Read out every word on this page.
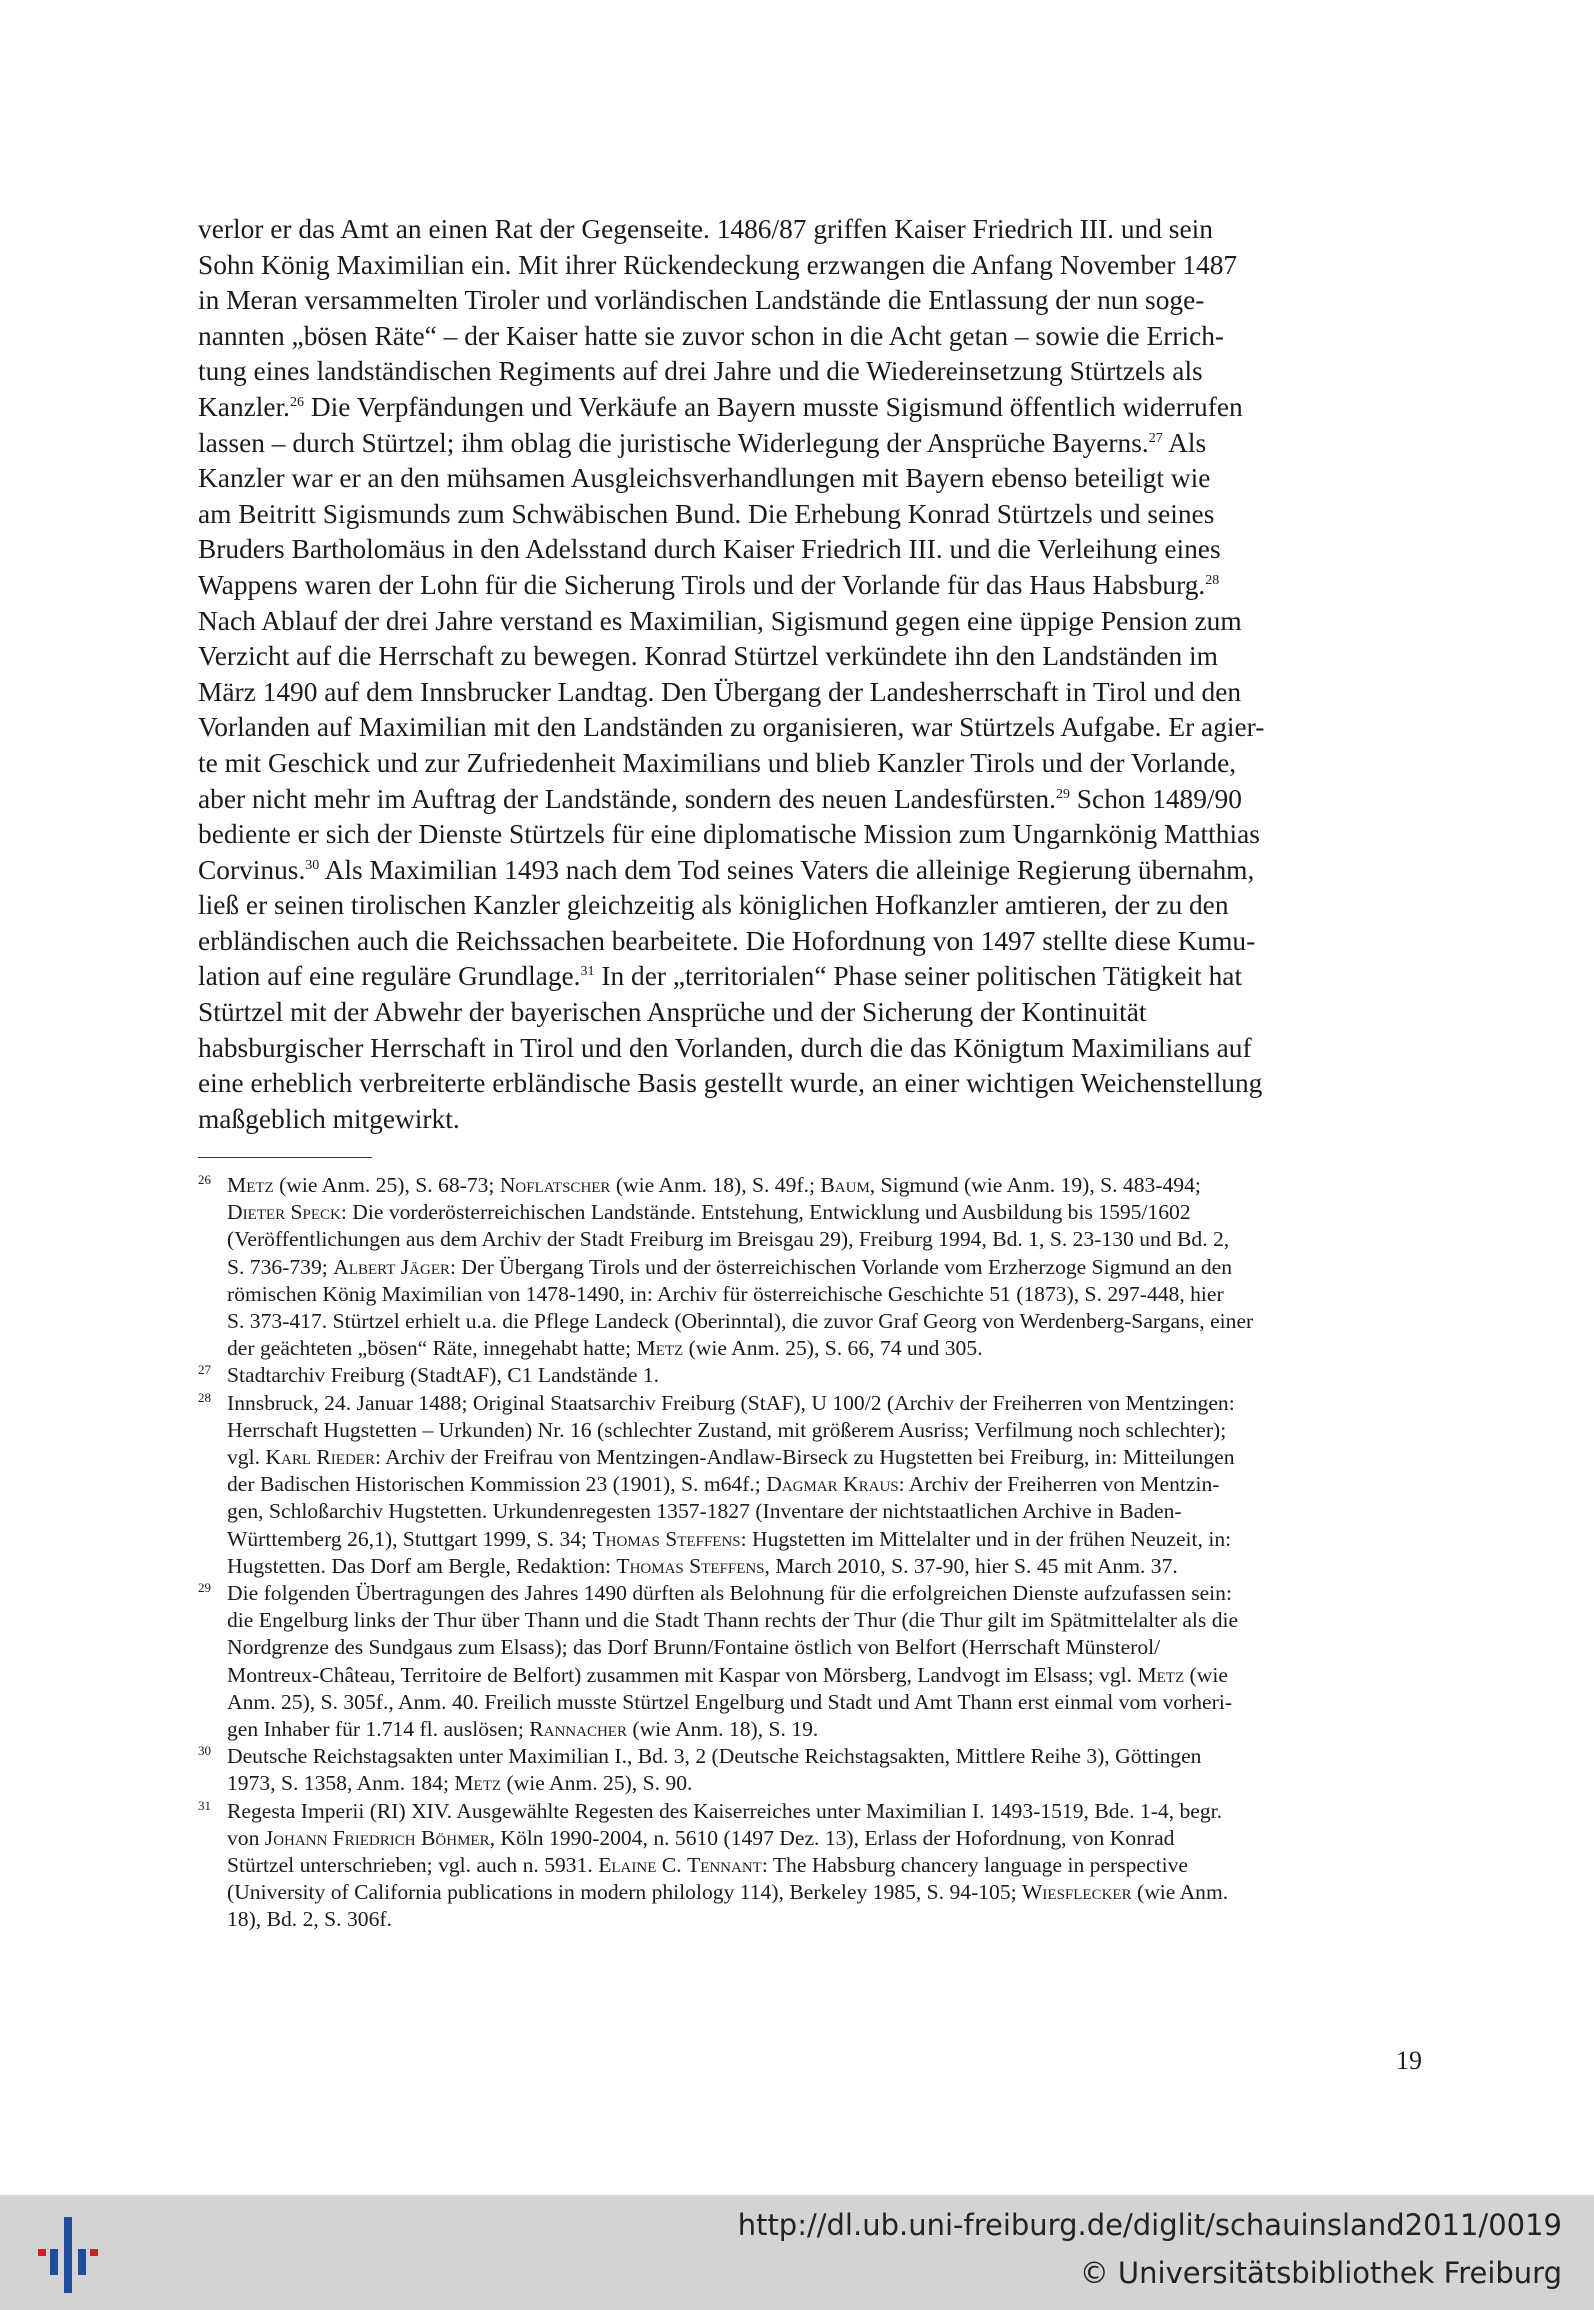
verlor er das Amt an einen Rat der Gegenseite. 1486/87 griffen Kaiser Friedrich III. und sein
Sohn König Maximilian ein. Mit ihrer Rückendeckung erzwangen die Anfang November 1487
in Meran versammelten Tiroler und vorländischen Landstände die Entlassung der nun soge-
nannten „bösen Räte“ – der Kaiser hatte sie zuvor schon in die Acht getan – sowie die Errich-
tung eines landständischen Regiments auf drei Jahre und die Wiedereinsetzung Stürtzels als
Kanzler.$^{26}$ Die Verpfändungen und Verkäufe an Bayern musste Sigismund öffentlich widerrufen
lassen – durch Stürtzel; ihm oblag die juristische Widerlegung der Ansprüche Bayerns.$^{27}$ Als
Kanzler war er an den mühsamen Ausgleichsverhandlungen mit Bayern ebenso beteiligt wie
am Beitritt Sigismunds zum Schwäbischen Bund. Die Erhebung Konrad Stürtzels und seines
Bruders Bartholomäus in den Adelsstand durch Kaiser Friedrich III. und die Verleihung eines
Wappens waren der Lohn für die Sicherung Tirols und der Vorlande für das Haus Habsburg.$^{28}$
Nach Ablauf der drei Jahre verstand es Maximilian, Sigismund gegen eine üppige Pension zum
Verzicht auf die Herrschaft zu bewegen. Konrad Stürtzel verkündete ihn den Landständen im
März 1490 auf dem Innsbrucker Landtag. Den Übergang der Landesherrschaft in Tirol und den
Vorlanden auf Maximilian mit den Landständen zu organisieren, war Stürtzels Aufgabe. Er agier-
te mit Geschick und zur Zufriedenheit Maximilians und blieb Kanzler Tirols und der Vorlande,
aber nicht mehr im Auftrag der Landstände, sondern des neuen Landesfürsten.$^{29}$ Schon 1489/90
bediente er sich der Dienste Stürtzels für eine diplomatische Mission zum Ungarnkönig Matthias
Corvinus.$^{30}$ Als Maximilian 1493 nach dem Tod seines Vaters die alleinige Regierung übernahm,
ließ er seinen tirolischen Kanzler gleichzeitig als königlichen Hofkanzler amtieren, der zu den
erbländischen auch die Reichssachen bearbeitete. Die Hofordnung von 1497 stellte diese Kumu-
lation auf eine reguläre Grundlage.$^{31}$ In der „territorialen“ Phase seiner politischen Tätigkeit hat
Stürtzel mit der Abwehr der bayerischen Ansprüche und der Sicherung der Kontinuität
habsburgischer Herrschaft in Tirol und den Vorlanden, durch die das Königtum Maximilians auf
eine erheblich verbreiterte erbländische Basis gestellt wurde, an einer wichtigen Weichenstellung
maßgeblich mitgewirkt.
26 Metz (wie Anm. 25), S. 68-73; Noflatscher (wie Anm. 18), S. 49f.; Baum, Sigmund (wie Anm. 19), S. 483-494;
Dieter Speck: Die vorderösterreichischen Landstände. Entstehung, Entwicklung und Ausbildung bis 1595/1602
(Veröffentlichungen aus dem Archiv der Stadt Freiburg im Breisgau 29), Freiburg 1994, Bd. 1, S. 23-130 und Bd. 2,
S. 736-739; Albert Jäger: Der Übergang Tirols und der österreichischen Vorlande vom Erzherzoge Sigmund an den
römischen König Maximilian von 1478-1490, in: Archiv für österreichische Geschichte 51 (1873), S. 297-448, hier
S. 373-417. Stürtzel erhielt u.a. die Pflege Landeck (Oberinntal), die zuvor Graf Georg von Werdenberg-Sargans, einer
der geächteten „bösen“ Räte, innegehabt hatte; Metz (wie Anm. 25), S. 66, 74 und 305.
27 Stadtarchiv Freiburg (StadtAF), C1 Landstände 1.
28 Innsbruck, 24. Januar 1488; Original Staatsarchiv Freiburg (StAF), U 100/2 (Archiv der Freiherren von Mentzingen:
Herrschaft Hugstetten – Urkunden) Nr. 16 (schlechter Zustand, mit größerem Ausriss; Verfilmung noch schlechter);
vgl. Karl Rieder: Archiv der Freifrau von Mentzingen-Andlaw-Birseck zu Hugstetten bei Freiburg, in: Mitteilungen
der Badischen Historischen Kommission 23 (1901), S. m64f.; Dagmar Kraus: Archiv der Freiherren von Mentzin-
gen, Schloßarchiv Hugstetten. Urkundenregesten 1357-1827 (Inventare der nichtstaatlichen Archive in Baden-
Württemberg 26,1), Stuttgart 1999, S. 34; Thomas Steffens: Hugstetten im Mittelalter und in der frühen Neuzeit, in:
Hugstetten. Das Dorf am Bergle, Redaktion: Thomas Steffens, March 2010, S. 37-90, hier S. 45 mit Anm. 37.
29 Die folgenden Übertragungen des Jahres 1490 dürften als Belohnung für die erfolgreichen Dienste aufzufassen sein:
die Engelburg links der Thur über Thann und die Stadt Thann rechts der Thur (die Thur gilt im Spätmittelalter als die
Nordgrenze des Sundgaus zum Elsass); das Dorf Brunn/Fontaine östlich von Belfort (Herrschaft Münsterol/
Montreux-Château, Territoire de Belfort) zusammen mit Kaspar von Mörsberg, Landvogt im Elsass; vgl. Metz (wie
Anm. 25), S. 305f., Anm. 40. Freilich musste Stürtzel Engelburg und Stadt und Amt Thann erst einmal vom vorheri-
gen Inhaber für 1.714 fl. auslösen; Rannacher (wie Anm. 18), S. 19.
30 Deutsche Reichstagsakten unter Maximilian I., Bd. 3, 2 (Deutsche Reichstagsakten, Mittlere Reihe 3), Göttingen
1973, S. 1358, Anm. 184; Metz (wie Anm. 25), S. 90.
31 Regesta Imperii (RI) XIV. Ausgewählte Regesten des Kaiserreiches unter Maximilian I. 1493-1519, Bde. 1-4, begr.
von Johann Friedrich Böhmer, Köln 1990-2004, n. 5610 (1497 Dez. 13), Erlass der Hofordnung, von Konrad
Stürtzel unterschrieben; vgl. auch n. 5931. Elaine C. Tennant: The Habsburg chancery language in perspective
(University of California publications in modern philology 114), Berkeley 1985, S. 94-105; Wiesflecker (wie Anm.
18), Bd. 2, S. 306f.
19
http://dl.ub.uni-freiburg.de/diglit/schauinsland2011/0019
© Universitätsbibliothek Freiburg
